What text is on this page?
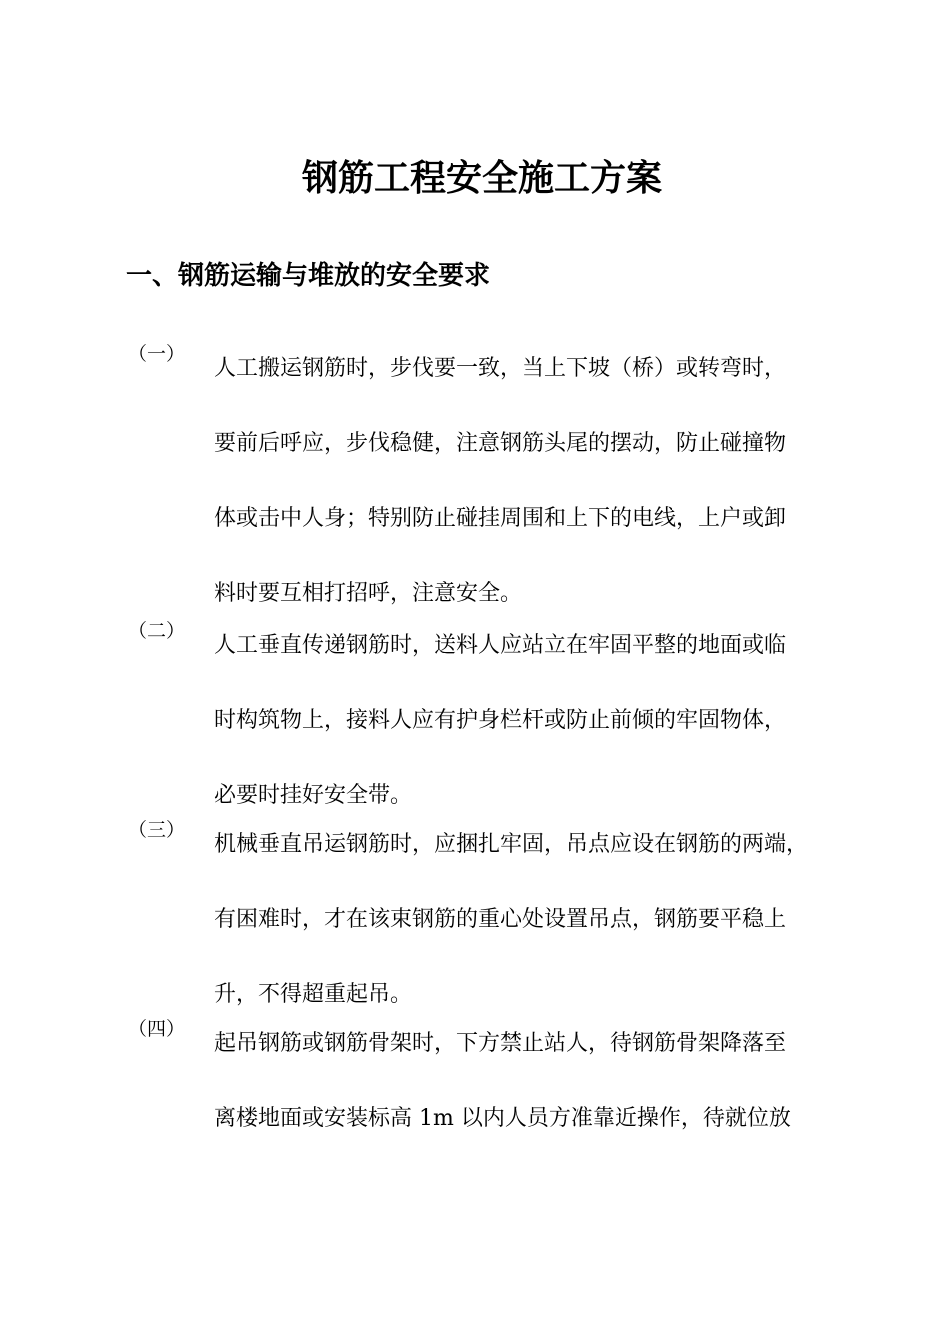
钢筋工程安全施工方案
一、钢筋运输与堆放的安全要求
（一）
人工搬运钢筋时，步伐要一致，当上下坡（桥）或转弯时，
要前后呼应，步伐稳健，注意钢筋头尾的摆动，防止碰撞物
体或击中人身；特别防止碰挂周围和上下的电线，上户或卸
料时要互相打招呼，注意安全。
（二）
人工垂直传递钢筋时，送料人应站立在牢固平整的地面或临
时构筑物上，接料人应有护身栏杆或防止前倾的牢固物体，
必要时挂好安全带。
（三）
机械垂直吊运钢筋时，应捆扎牢固，吊点应设在钢筋的两端，
有困难时，才在该束钢筋的重心处设置吊点，钢筋要平稳上
升，不得超重起吊。
（四）
起吊钢筋或钢筋骨架时，下方禁止站人，待钢筋骨架降落至
离楼地面或安装标高 1m 以内人员方准靠近操作，待就位放
